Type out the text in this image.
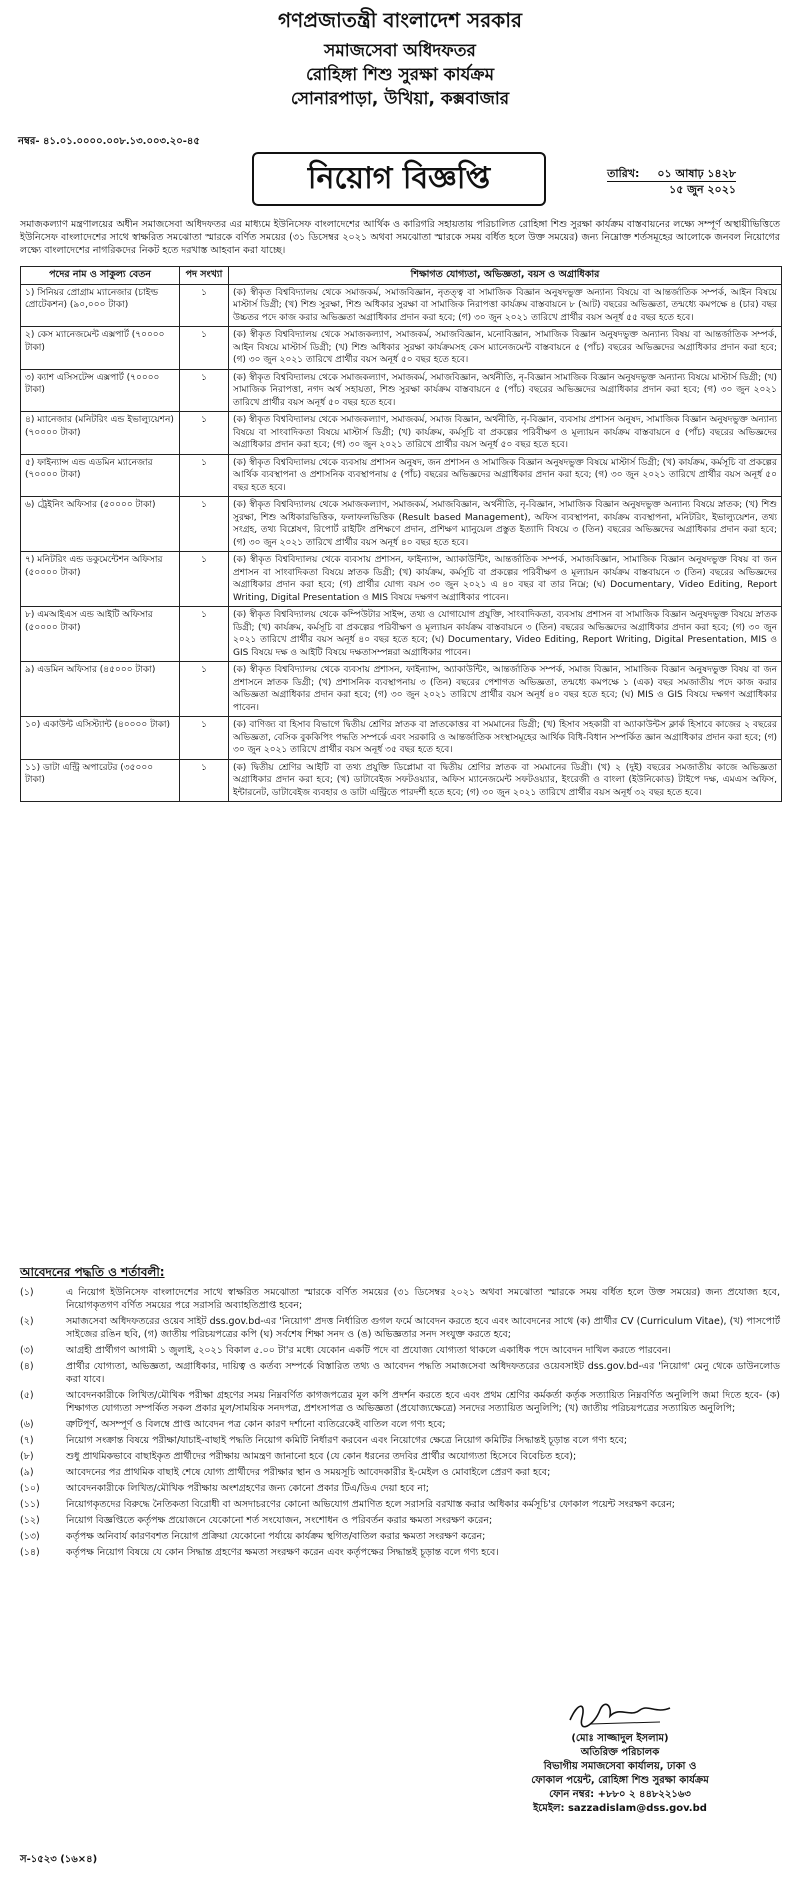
গণপ্রজাতন্ত্রী বাংলাদেশ সরকার
সমাজসেবা অধিদফতর
রোহিঙ্গা শিশু সুরক্ষা কার্যক্রম
সোনারপাড়া, উখিয়া, কক্সবাজার
নম্বর- ৪১.০১.০০০০.০০৮.১৩.০০৩.২০-৪৫
নিয়োগ বিজ্ঞপ্তি	তারিখ: ০১ আষাঢ় ১৪২৮
১৫ জুন ২০২১
সমাজকল্যাণ মন্ত্রণালয়ের অধীন সমাজসেবা অধিদফতর এর মাধ্যমে ইউনিসেফ বাংলাদেশের আর্থিক ও কারিগরি সহায়তায় পরিচালিত রোহিঙ্গা শিশু সুরক্ষা কার্যক্রম বাস্তবায়নের লক্ষ্যে সম্পূর্ণ অস্থায়ীভিত্তিতে ইউনিসেফ বাংলাদেশের সাথে স্বাক্ষরিত সমঝোতা স্মারকে বর্ণিত সময়ের (৩১ ডিসেম্বর ২০২১ অথবা সমঝোতা স্মারকে সময় বর্ধিত হলে উক্ত সময়ের) জন্য নিম্নোক্ত শর্তসমূহের আলোকে জনবল নিয়োগের লক্ষ্যে বাংলাদেশের নাগরিকদের নিকট হতে দরখাস্ত আহবান করা যাচ্ছে।
পদের নাম ও সাকুল্য বেতন	পদ সংখ্যা	শিক্ষাগত যোগ্যতা, অভিজ্ঞতা, বয়স ও অগ্রাধিকার
১) সিনিয়র প্রোগ্রাম ম্যানেজার (চাইল্ড প্রোটেকশন) (৯০,০০০ টাকা)	১	(ক) স্বীকৃত বিশ্ববিদ্যালয় থেকে সমাজকর্ম, সমাজবিজ্ঞান, নৃতত্ত্ব বা সামাজিক বিজ্ঞান অনুষদভুক্ত অন্যান্য বিষয়ে বা আন্তর্জাতিক সম্পর্ক, আইন বিষয়ে মাস্টার্স ডিগ্রী; (খ) শিশু সুরক্ষা, শিশু অধিকার সুরক্ষা বা সামাজিক নিরাপত্তা কার্যক্রম বাস্তবায়নে ৮ (আট) বছরের অভিজ্ঞতা, তন্মধ্যে কমপক্ষে ৪ (চার) বছর উচ্চতর পদে কাজ করার অভিজ্ঞতা অগ্রাধিকার প্রদান করা হবে; (গ) ৩০ জুন ২০২১ তারিখে প্রার্থীর বয়স অনূর্ধ ৫৫ বছর হতে হবে।
২) কেস ম্যানেজমেন্ট এক্সপার্ট (৭০০০০ টাকা)	১	(ক) স্বীকৃত বিশ্ববিদ্যালয় থেকে সমাজকল্যাণ, সমাজকর্ম, সমাজবিজ্ঞান, মনোবিজ্ঞান, সামাজিক বিজ্ঞান অনুষদভুক্ত অন্যান্য বিষয় বা আন্তর্জাতিক সম্পর্ক, আইন বিষয়ে মাস্টার্স ডিগ্রী; (খ) শিশু অধিকার সুরক্ষা কার্যক্রমসহ কেস ম্যানেজমেন্ট বাস্তবায়নে ৫ (পাঁচ) বছরের অভিজ্ঞদের অগ্রাধিকার প্রদান করা হবে; (গ) ৩০ জুন ২০২১ তারিখে প্রার্থীর বয়স অনূর্ধ ৫০ বছর হতে হবে।
৩) ক্যাশ এসিসটেন্স এক্সপার্ট (৭০০০০ টাকা)	১	(ক) স্বীকৃত বিশ্ববিদ্যালয় থেকে সমাজকল্যাণ, সমাজকর্ম, সমাজবিজ্ঞান, অর্থনীতি, নৃ-বিজ্ঞান সামাজিক বিজ্ঞান অনুষদভুক্ত অন্যান্য বিষয়ে মাস্টার্স ডিগ্রী; (খ) সামাজিক নিরাপত্তা, নগদ অর্থ সহায়তা, শিশু সুরক্ষা কার্যক্রম বাস্তবায়নে ৫ (পাঁচ) বছরের অভিজ্ঞদের অগ্রাধিকার প্রদান করা হবে; (গ) ৩০ জুন ২০২১ তারিখে প্রার্থীর বয়স অনূর্ধ ৫০ বছর হতে হবে।
৪) ম্যানেজার (মনিটরিং এন্ড ইভাল্যুয়েশন) (৭০০০০ টাকা)	১	(ক) স্বীকৃত বিশ্ববিদ্যালয় থেকে সমাজকল্যাণ, সমাজকর্ম, সমাজ বিজ্ঞান, অর্থনীতি, নৃ-বিজ্ঞান, ব্যবসায় প্রশাসন অনুষদ, সামাজিক বিজ্ঞান অনুষদভুক্ত অন্যান্য বিষয়ে বা সাংবাদিকতা বিষয়ে মাস্টার্স ডিগ্রী; (খ) কার্যক্রম, কর্মসূচি বা প্রকল্পের পরিবীক্ষণ ও মূল্যায়ন কার্যক্রম বাস্তবায়নে ৫ (পাঁচ) বছরের অভিজ্ঞদের অগ্রাধিকার প্রদান করা হবে; (গ) ৩০ জুন ২০২১ তারিখে প্রার্থীর বয়স অনূর্ধ ৫০ বছর হতে হবে।
৫) ফাইন্যান্স এন্ড এডমিন ম্যানেজার (৭০০০০ টাকা)	১	(ক) স্বীকৃত বিশ্ববিদ্যালয় থেকে ব্যবসায় প্রশাসন অনুষদ, জন প্রশাসন ও সামাজিক বিজ্ঞান অনুষদভুক্ত বিষয়ে মাস্টার্স ডিগ্রী; (খ) কার্যক্রম, কর্মসূচি বা প্রকল্পের আর্থিক ব্যবস্থাপনা ও প্রশাসনিক ব্যবস্থাপনায় ৫ (পাঁচ) বছরের অভিজ্ঞদের অগ্রাধিকার প্রদান করা হবে; (গ) ৩০ জুন ২০২১ তারিখে প্রার্থীর বয়স অনূর্ধ ৫০ বছর হতে হবে।
৬) ট্রেইনিং অফিসার (৫০০০০ টাকা)	১	(ক) স্বীকৃত বিশ্ববিদ্যালয় থেকে সমাজকল্যাণ, সমাজকর্ম, সমাজবিজ্ঞান, অর্থনীতি, নৃ-বিজ্ঞান, সামাজিক বিজ্ঞান অনুষদভুক্ত অন্যান্য বিষয়ে স্নাতক; (খ) শিশু সুরক্ষা, শিশু অধিকারভিত্তিক, ফলাফলভিত্তিক (Result based Management), অফিস ব্যবস্থাপনা, কার্যক্রম ব্যবস্থাপনা, মনিটরিং, ইভাল্যুয়েশন, তথ্য সংগ্রহ, তথ্য বিশ্লেষণ, রিপোর্ট রাইটিং প্রশিক্ষণে প্রদান, প্রশিক্ষণ ম্যানুয়েল প্রস্তুত ইত্যাদি বিষয়ে ৩ (তিন) বছরের অভিজ্ঞদের অগ্রাধিকার প্রদান করা হবে; (গ) ৩০ জুন ২০২১ তারিখে প্রার্থীর বয়স অনূর্ধ ৪০ বছর হতে হবে।
৭) মনিটরিং এন্ড ডকুমেন্টেশন অফিসার (৫০০০০ টাকা)	১	(ক) স্বীকৃত বিশ্ববিদ্যালয় থেকে ব্যবসায় প্রশাসন, ফাইন্যান্স, অ্যাকাউন্টিং, আন্তর্জাতিক সম্পর্ক, সমাজবিজ্ঞান, সামাজিক বিজ্ঞান অনুষদভুক্ত বিষয় বা জন প্রশাসন বা সাংবাদিকতা বিষয়ে স্নাতক ডিগ্রী; (খ) কার্যক্রম, কর্মসূচি বা প্রকল্পের পরিবীক্ষণ ও মূল্যায়ন কার্যক্রম বাস্তবায়নে ৩ (তিন) বছরের অভিজ্ঞদের অগ্রাধিকার প্রদান করা হবে; (গ) প্রার্থীর যোগ্য বয়স ৩০ জুন ২০২১ এ ৪০ বছর বা তার নিম্নে; (ঘ) Documentary, Video Editing, Report Writing, Digital Presentation ও MIS বিষয়ে দক্ষগণ অগ্রাধিকার পাবেন।
৮) এমআইএস এন্ড আইটি অফিসার (৫০০০০ টাকা)	১	(ক) স্বীকৃত বিশ্ববিদ্যালয় থেকে কম্পিউটার সাইন্স, তথ্য ও যোগাযোগ প্রযুক্তি, সাংবাদিকতা, ব্যবসায় প্রশাসন বা সামাজিক বিজ্ঞান অনুষদভুক্ত বিষয়ে স্নাতক ডিগ্রী; (খ) কার্যক্রম, কর্মসূচি বা প্রকল্পের পরিবীক্ষণ ও মূল্যায়ন কার্যক্রম বাস্তবায়নে ৩ (তিন) বছরের অভিজ্ঞদের অগ্রাধিকার প্রদান করা হবে; (গ) ৩০ জুন ২০২১ তারিখে প্রার্থীর বয়স অনূর্ধ ৪০ বছর হতে হবে; (ঘ) Documentary, Video Editing, Report Writing, Digital Presentation, MIS ও GIS বিষয়ে দক্ষ ও আইটি বিষয়ে দক্ষতাসম্পন্নরা অগ্রাধিকার পাবেন।
৯) এডমিন অফিসার (৪৫০০০ টাকা)	১	(ক) স্বীকৃত বিশ্ববিদ্যালয় থেকে ব্যবসায় প্রশাসন, ফাইন্যান্স, অ্যাকাউন্টিং, আন্তর্জাতিক সম্পর্ক, সমাজ বিজ্ঞান, সামাজিক বিজ্ঞান অনুষদভুক্ত বিষয় বা জন প্রশাসনে স্নাতক ডিগ্রী; (খ) প্রশাসনিক ব্যবস্থাপনায় ৩ (তিন) বছরের পেশাগত অভিজ্ঞতা, তন্মধ্যে কমপক্ষে ১ (এক) বছর সমজাতীয় পদে কাজ করার অভিজ্ঞতা অগ্রাধিকার প্রদান করা হবে; (গ) ৩০ জুন ২০২১ তারিখে প্রার্থীর বয়স অনূর্ধ ৪০ বছর হতে হবে; (ঘ) MIS ও GIS বিষয়ে দক্ষগণ অগ্রাধিকার পাবেন।
১০) একাউন্ট এসিস্ট্যান্ট (৪০০০০ টাকা)	১	(ক) বাণিজ্য বা হিসাব বিভাগে দ্বিতীয় শ্রেণির স্নাতক বা স্নাতকোত্তর বা সমমানের ডিগ্রী; (খ) হিসাব সহকারী বা অ্যাকাউন্টস ক্লার্ক হিসাবে কাজের ২ বছরের অভিজ্ঞতা, বেসিক বুককিপিং পদ্ধতি সম্পর্কে এবং সরকারি ও আন্তর্জাতিক সংস্থাসমূহের আর্থিক বিধি-বিধান সম্পর্কিত জ্ঞান অগ্রাধিকার প্রদান করা হবে; (গ) ৩০ জুন ২০২১ তারিখে প্রার্থীর বয়স অনূর্ধ ৩৫ বছর হতে হবে।
১১) ডাটা এন্ট্রি অপারেটর (৩৫০০০ টাকা)	১	(ক) দ্বিতীয় শ্রেণির আইটি বা তথ্য প্রযুক্তি ডিপ্লোমা বা দ্বিতীয় শ্রেণির স্নাতক বা সমমানের ডিগ্রী। (খ) ২ (দুই) বছরের সমজাতীয় কাজে অভিজ্ঞতা অগ্রাধিকার প্রদান করা হবে; (খ) ডাটাবেইজ সফটওয়্যার, অফিস ম্যানেজমেন্ট সফটওয়্যার, ইংরেজী ও বাংলা (ইউনিকোড) টাইপে দক্ষ, এমএস অফিস, ইন্টারনেট, ডাটাবেইজ ব্যবহার ও ডাটা এন্ট্রিতে পারদর্শী হতে হবে; (গ) ৩০ জুন ২০২১ তারিখে প্রার্থীর বয়স অনূর্ধ ৩২ বছর হতে হবে।
আবেদনের পদ্ধতি ও শর্তাবলী:
(১)	এ নিয়োগ ইউনিসেফ বাংলাদেশের সাথে স্বাক্ষরিত সমঝোতা স্মারকে বর্ণিত সময়ের (৩১ ডিসেম্বর ২০২১ অথবা সমঝোতা স্মারকে সময় বর্ধিত হলে উক্ত সময়ের) জন্য প্রযোজ্য হবে, নিয়োগকৃতগণ বর্ণিত সময়ের পরে সরাসরি অব্যাহতিপ্রাপ্ত হবেন;
(২)	সমাজসেবা অধিদফতরের ওয়েব সাইট dss.gov.bd-এর 'নিয়োগ' প্রদত্ত নির্ধারিত গুগল ফর্মে আবেদন করতে হবে এবং আবেদনের সাথে (ক) প্রার্থীর CV (Curriculum Vitae), (খ) পাসপোর্ট সাইজের রঙিন ছবি, (গ) জাতীয় পরিচয়পত্রের কপি (ঘ) সর্বশেষ শিক্ষা সনদ ও (ঙ) অভিজ্ঞতার সনদ সংযুক্ত করতে হবে;
(৩)	আগ্রহী প্রার্থীগণ আগামী ১ জুলাই, ২০২১ বিকাল ৫.০০ টা'র মধ্যে যেকোন একটি পদে বা প্রযোজ্য যোগ্যতা থাকলে একাধিক পদে আবেদন দাখিল করতে পারবেন।
(৪)	প্রার্থীর যোগ্যতা, অভিজ্ঞতা, অগ্রাধিকার, দায়িত্ব ও কর্তব্য সম্পর্কে বিস্তারিত তথ্য ও আবেদন পদ্ধতি সমাজসেবা অধিদফতরের ওয়েবসাইট dss.gov.bd-এর 'নিয়োগ' মেনু থেকে ডাউনলোড করা যাবে।
(৫)	আবেদনকারীকে লিখিত/মৌখিক পরীক্ষা গ্রহণের সময় নিম্নবর্ণিত কাগজপত্রের মূল কপি প্রদর্শন করতে হবে এবং প্রথম শ্রেণির কর্মকর্তা কর্তৃক সত্যায়িত নিম্নবর্ণিত অনুলিপি জমা দিতে হবে- (ক) শিক্ষাগত যোগ্যতা সম্পর্কিত সকল প্রকার মূল/সাময়িক সনদপত্র, প্রশংসাপত্র ও অভিজ্ঞতা (প্রযোজ্যক্ষেত্রে) সনদের সত্যায়িত অনুলিপি; (খ) জাতীয় পরিচয়পত্রের সত্যায়িত অনুলিপি;
(৬)	ত্রুটিপূর্ণ, অসম্পূর্ণ ও বিলম্বে প্রাপ্ত আবেদন পত্র কোন কারণ দর্শানো ব্যতিরেকেই বাতিল বলে গণ্য হবে;
(৭)	নিয়োগ সংক্রান্ত বিষয়ে পরীক্ষা/যাচাই-বাছাই পদ্ধতি নিয়োগ কমিটি নির্ধারণ করবেন এবং নিয়োগের ক্ষেত্রে নিয়োগ কমিটির সিদ্ধান্তই চূড়ান্ত বলে গণ্য হবে;
(৮)	শুধু প্রাথমিকভাবে বাছাইকৃত প্রার্থীদের পরীক্ষায় আমন্ত্রণ জানানো হবে (যে কোন ধরনের তদবির প্রার্থীর অযোগ্যতা হিসেবে বিবেচিত হবে);
(৯)	আবেদনের পর প্রাথমিক বাছাই শেষে যোগ্য প্রার্থীদের পরীক্ষার স্থান ও সময়সূচি আবেদকারীর ই-মেইল ও মোবাইলে প্রেরণ করা হবে;
(১০)	আবেদনকারীকে লিখিত/মৌখিক পরীক্ষায় অংশগ্রহণের জন্য কোনো প্রকার টিএ/ডিএ দেয়া হবে না;
(১১)	নিয়োগকৃতদের বিরুদ্ধে নৈতিকতা বিরোধী বা অসদাচরণের কোনো অভিযোগ প্রমাণিত হলে সরাসরি বরখাস্ত করার অধিকার কর্মসূচি'র ফোকাল পয়েন্ট সংরক্ষণ করেন;
(১২)	নিয়োগ বিজ্ঞপ্তিতে কর্তৃপক্ষ প্রয়োজনে যেকোনো শর্ত সংযোজন, সংশোধন ও পরিবর্তন করার ক্ষমতা সংরক্ষণ করেন;
(১৩)	কর্তৃপক্ষ অনিবার্য কারণবশত নিয়োগ প্রক্রিয়া যেকোনো পর্যায়ে কার্যক্রম স্থগিত/বাতিল করার ক্ষমতা সংরক্ষণ করেন;
(১৪)	কর্তৃপক্ষ নিয়োগ বিষয়ে যে কোন সিদ্ধান্ত গ্রহণের ক্ষমতা সংরক্ষণ করেন এবং কর্তৃপক্ষের সিদ্ধান্তই চূড়ান্ত বলে গণ্য হবে।
(মোঃ সাজ্জাদুল ইসলাম)
অতিরিক্ত পরিচালক
বিভাগীয় সমাজসেবা কার্যালয়, ঢাকা ও
ফোকাল পয়েন্ট, রোহিঙ্গা শিশু সুরক্ষা কার্যক্রম
ফোন নম্বর: +৮৮০ ২ ৪৪৮২২১৬৩
ইমেইল: sazzadislam@dss.gov.bd
স-১৫২৩ (১৬×৪)
